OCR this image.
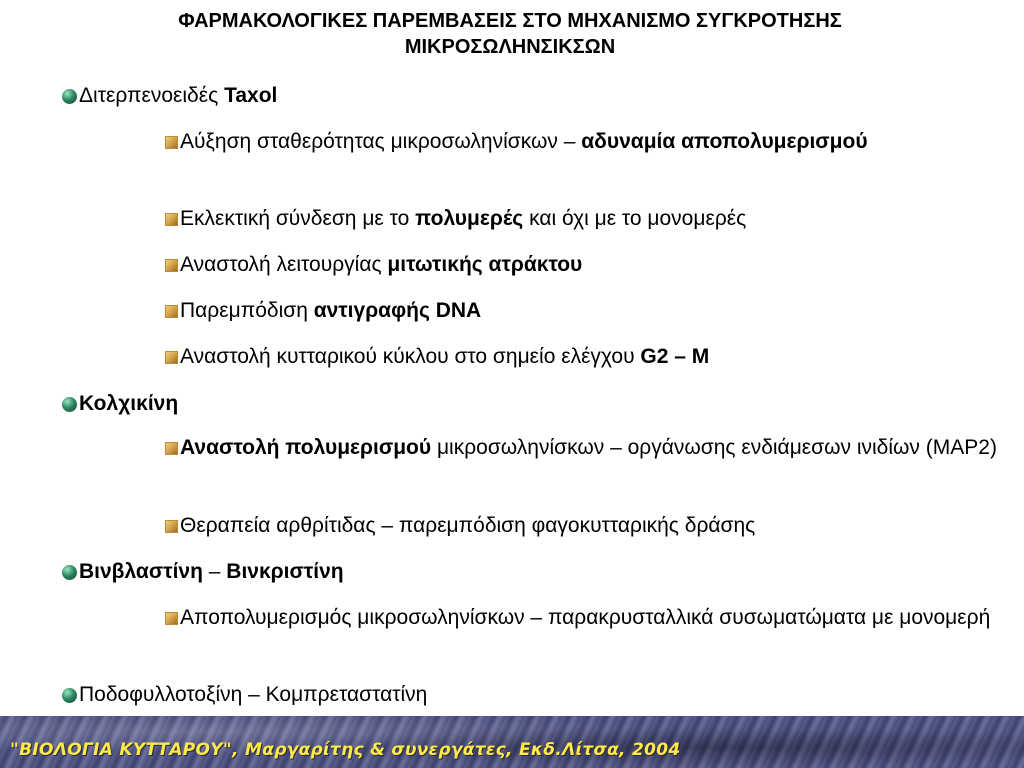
ΦΑΡΜΑΚΟΛΟΓΙΚΕΣ ΠΑΡΕΜΒΑΣΕΙΣ ΣΤΟ ΜΗΧΑΝΙΣΜΟ ΣΥΓΚΡΟΤΗΣΗΣ
ΜΙΚΡΟΣΩΛΗΝΣΙΚΣΩΝ
Διτερπενοειδές Taxol
Αύξηση σταθερότητας μικροσωληνίσκων – αδυναμία αποπολυμερισμού
Εκλεκτική σύνδεση με το πολυμερές και όχι με το μονομερές
Αναστολή λειτουργίας μιτωτικής ατράκτου
Παρεμπόδιση αντιγραφής DNA
Αναστολή κυτταρικού κύκλου στο σημείο ελέγχου G2 – M
Κολχικίνη
Αναστολή πολυμερισμού μικροσωληνίσκων – οργάνωσης ενδιάμεσων ινιδίων (MAP2)
Θεραπεία αρθρίτιδας – παρεμπόδιση φαγοκυτταρικής δράσης
Βινβλαστίνη – Βινκριστίνη
Αποπολυμερισμός μικροσωληνίσκων – παρακρυσταλλικά συσωματώματα με μονομερή
Ποδοφυλλοτοξίνη – Κομπρεταστατίνη
"ΒΙΟΛΟΓΙΑ ΚΥΤΤΑΡΟΥ", Μαργαρίτης & συνεργάτες, Εκδ.Λίτσα, 2004
